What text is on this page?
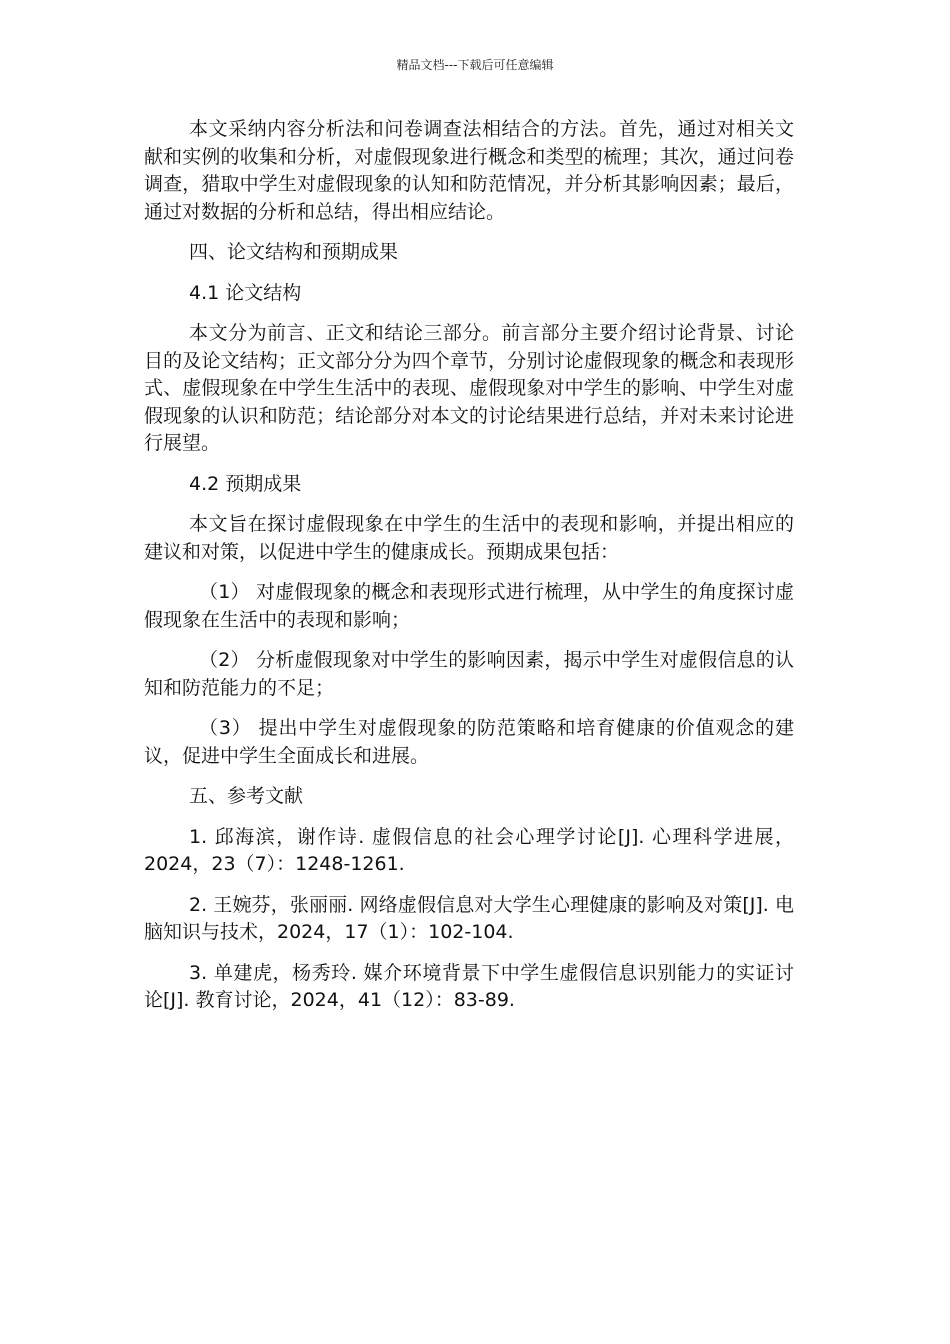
精品文档---下载后可任意编辑

本文采纳内容分析法和问卷调查法相结合的方法。首先，通过对相关文献和实例的收集和分析，对虚假现象进行概念和类型的梳理；其次，通过问卷调查，猎取中学生对虚假现象的认知和防范情况，并分析其影响因素；最后，通过对数据的分析和总结，得出相应结论。

四、论文结构和预期成果

4.1 论文结构

本文分为前言、正文和结论三部分。前言部分主要介绍讨论背景、讨论目的及论文结构；正文部分分为四个章节，分别讨论虚假现象的概念和表现形式、虚假现象在中学生生活中的表现、虚假现象对中学生的影响、中学生对虚假现象的认识和防范；结论部分对本文的讨论结果进行总结，并对未来讨论进行展望。

4.2 预期成果

本文旨在探讨虚假现象在中学生的生活中的表现和影响，并提出相应的建议和对策，以促进中学生的健康成长。预期成果包括：

（1） 对虚假现象的概念和表现形式进行梳理，从中学生的角度探讨虚假现象在生活中的表现和影响；

（2） 分析虚假现象对中学生的影响因素，揭示中学生对虚假信息的认知和防范能力的不足；

（3） 提出中学生对虚假现象的防范策略和培育健康的价值观念的建议，促进中学生全面成长和进展。

五、参考文献

1. 邱海滨，谢作诗. 虚假信息的社会心理学讨论[J]. 心理科学进展，2024，23（7）：1248-1261.

2. 王婉芬，张丽丽. 网络虚假信息对大学生心理健康的影响及对策[J]. 电脑知识与技术，2024，17（1）：102-104.

3. 单建虎，杨秀玲. 媒介环境背景下中学生虚假信息识别能力的实证讨论[J]. 教育讨论，2024，41（12）：83-89.
